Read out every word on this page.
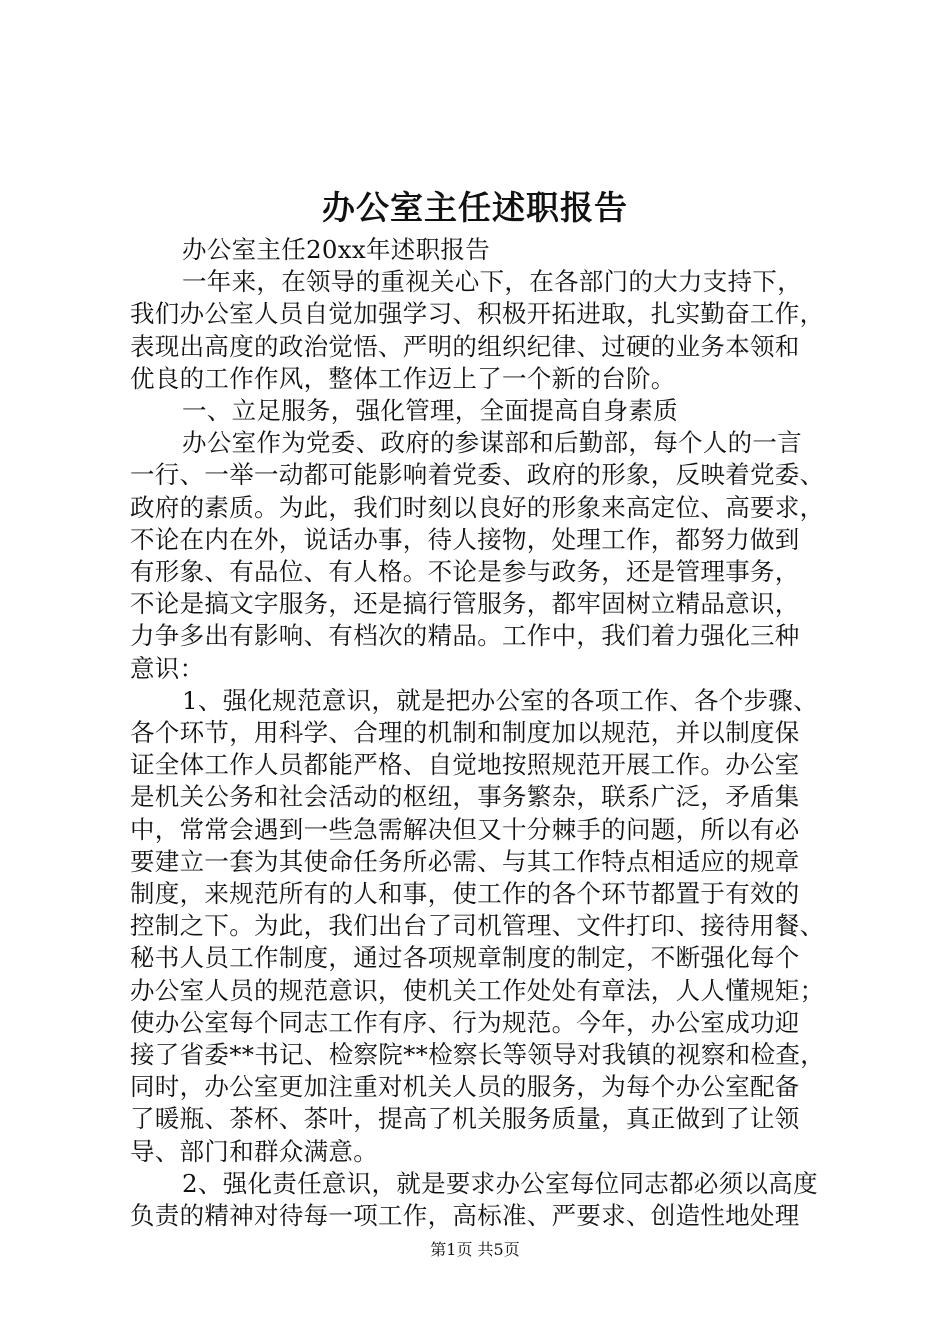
办公室主任述职报告
办公室主任20xx年述职报告
一年来，在领导的重视关心下，在各部门的大力支持下，
我们办公室人员自觉加强学习、积极开拓进取，扎实勤奋工作，
表现出高度的政治觉悟、严明的组织纪律、过硬的业务本领和
优良的工作作风，整体工作迈上了一个新的台阶。
一、立足服务，强化管理，全面提高自身素质
办公室作为党委、政府的参谋部和后勤部，每个人的一言
一行、一举一动都可能影响着党委、政府的形象，反映着党委、
政府的素质。为此，我们时刻以良好的形象来高定位、高要求，
不论在内在外，说话办事，待人接物，处理工作，都努力做到
有形象、有品位、有人格。不论是参与政务，还是管理事务，
不论是搞文字服务，还是搞行管服务，都牢固树立精品意识，
力争多出有影响、有档次的精品。工作中，我们着力强化三种
意识：
1、强化规范意识，就是把办公室的各项工作、各个步骤、
各个环节，用科学、合理的机制和制度加以规范，并以制度保
证全体工作人员都能严格、自觉地按照规范开展工作。办公室
是机关公务和社会活动的枢纽，事务繁杂，联系广泛，矛盾集
中，常常会遇到一些急需解决但又十分棘手的问题，所以有必
要建立一套为其使命任务所必需、与其工作特点相适应的规章
制度，来规范所有的人和事，使工作的各个环节都置于有效的
控制之下。为此，我们出台了司机管理、文件打印、接待用餐、
秘书人员工作制度，通过各项规章制度的制定，不断强化每个
办公室人员的规范意识，使机关工作处处有章法，人人懂规矩；
使办公室每个同志工作有序、行为规范。今年，办公室成功迎
接了省委**书记、检察院**检察长等领导对我镇的视察和检查，
同时，办公室更加注重对机关人员的服务，为每个办公室配备
了暖瓶、茶杯、茶叶，提高了机关服务质量，真正做到了让领
导、部门和群众满意。
2、强化责任意识，就是要求办公室每位同志都必须以高度
负责的精神对待每一项工作，高标准、严要求、创造性地处理
第1页 共5页
